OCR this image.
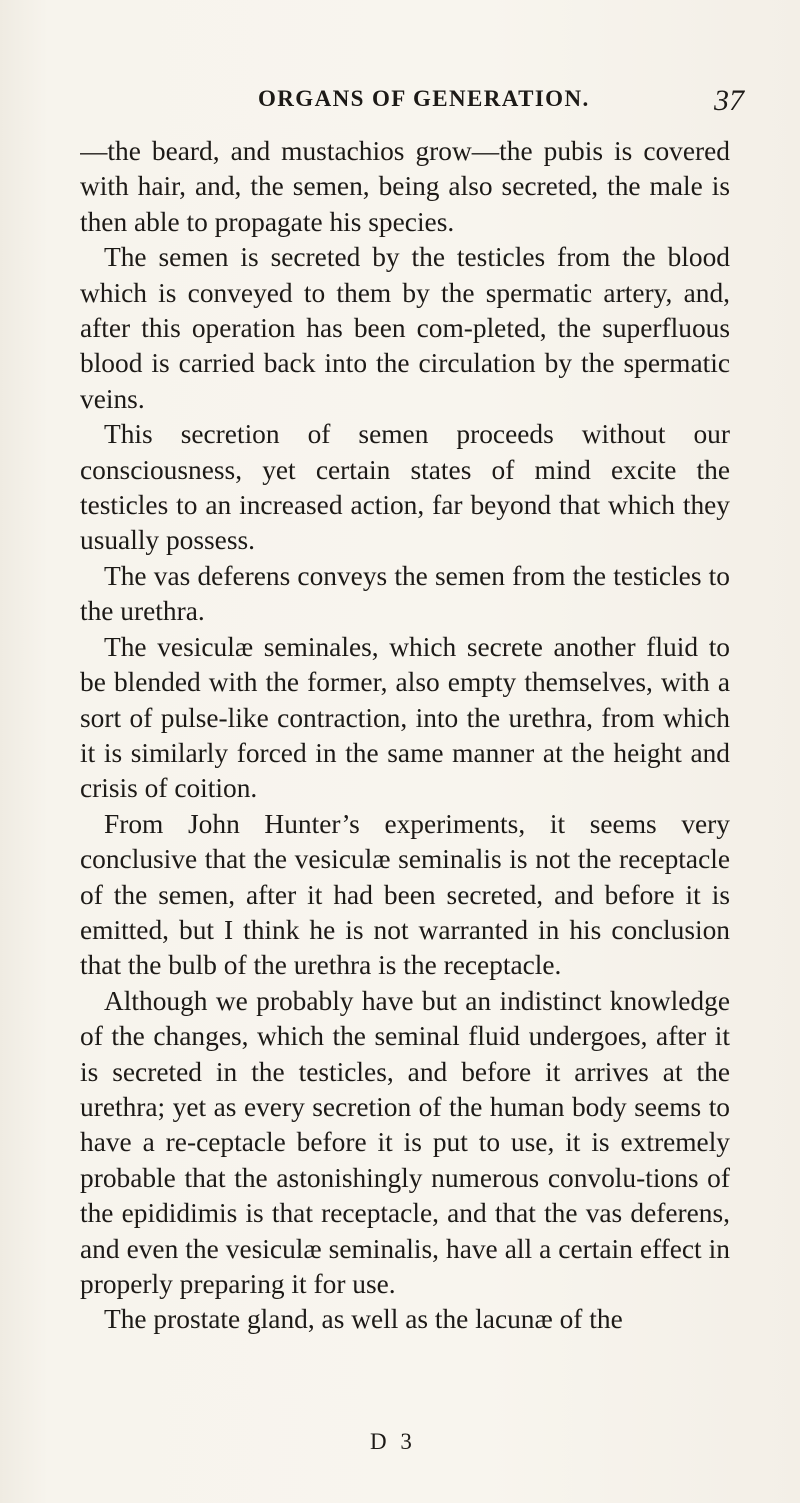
ORGANS OF GENERATION.	37

—the beard, and mustachios grow—the pubis is covered with hair, and, the semen, being also secreted, the male is then able to propagate his species.

The semen is secreted by the testicles from the blood which is conveyed to them by the spermatic artery, and, after this operation has been com-pleted, the superfluous blood is carried back into the circulation by the spermatic veins.

This secretion of semen proceeds without our consciousness, yet certain states of mind excite the testicles to an increased action, far beyond that which they usually possess.

The vas deferens conveys the semen from the testicles to the urethra.

The vesiculæ seminales, which secrete another fluid to be blended with the former, also empty themselves, with a sort of pulse-like contraction, into the urethra, from which it is similarly forced in the same manner at the height and crisis of coition.

From John Hunter’s experiments, it seems very conclusive that the vesiculæ seminalis is not the receptacle of the semen, after it had been secreted, and before it is emitted, but I think he is not warranted in his conclusion that the bulb of the urethra is the receptacle.

Although we probably have but an indistinct knowledge of the changes, which the seminal fluid undergoes, after it is secreted in the testicles, and before it arrives at the urethra; yet as every secretion of the human body seems to have a re-ceptacle before it is put to use, it is extremely probable that the astonishingly numerous convolu-tions of the epididimis is that receptacle, and that the vas deferens, and even the vesiculæ seminalis, have all a certain effect in properly preparing it for use.

The prostate gland, as well as the lacunæ of the

D 3
